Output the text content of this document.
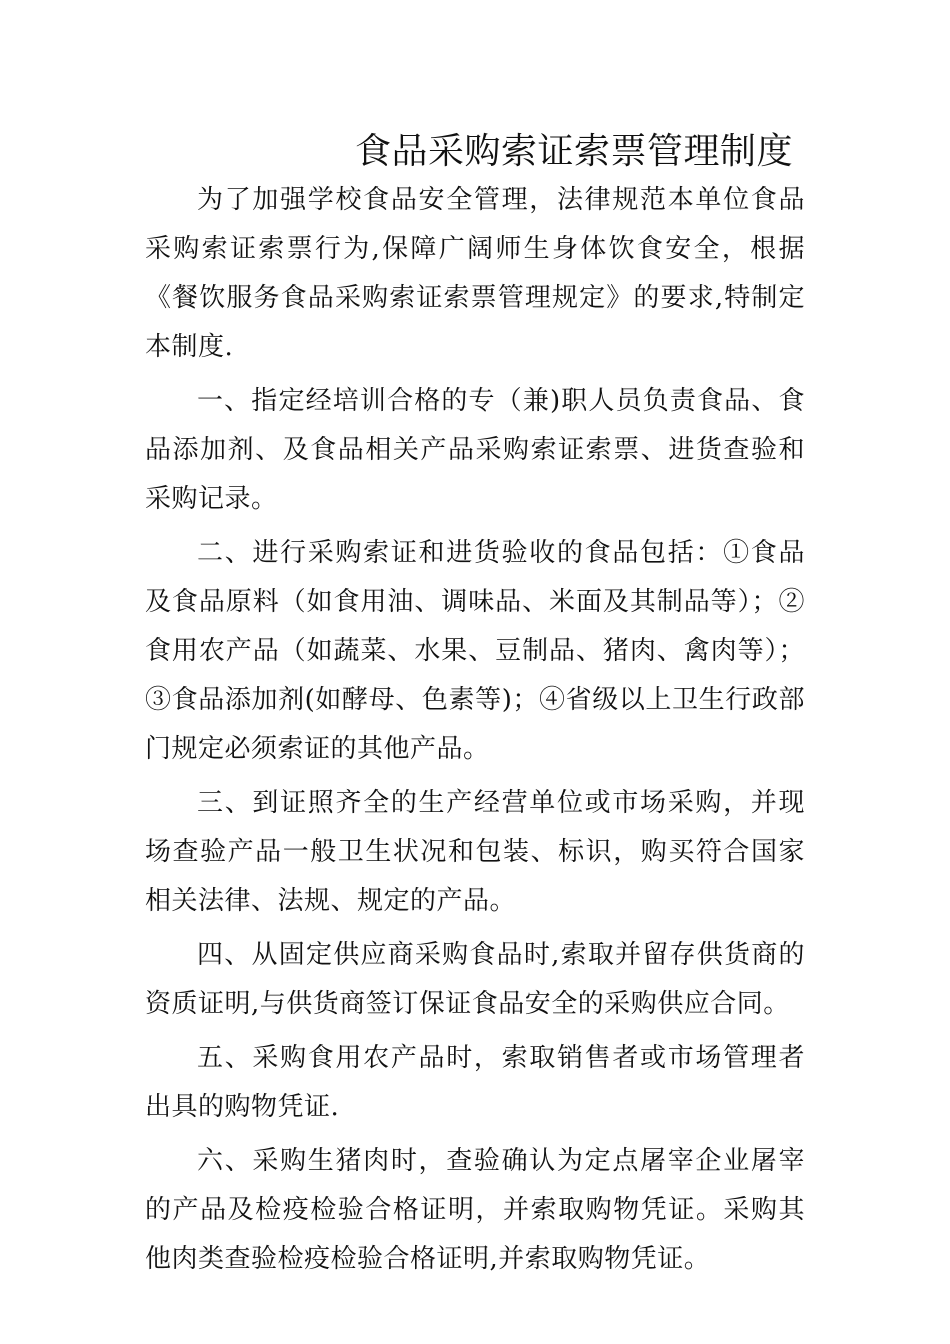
食品采购索证索票管理制度

为了加强学校食品安全管理，法律规范本单位食品采购索证索票行为,保障广阔师生身体饮食安全，根据《餐饮服务食品采购索证索票管理规定》的要求,特制定本制度.

一、指定经培训合格的专（兼)职人员负责食品、食品添加剂、及食品相关产品采购索证索票、进货查验和采购记录。

二、进行采购索证和进货验收的食品包括：①食品及食品原料（如食用油、调味品、米面及其制品等）；②食用农产品（如蔬菜、水果、豆制品、猪肉、禽肉等）；③食品添加剂(如酵母、色素等)；④省级以上卫生行政部门规定必须索证的其他产品。

三、到证照齐全的生产经营单位或市场采购，并现场查验产品一般卫生状况和包装、标识，购买符合国家相关法律、法规、规定的产品。

四、从固定供应商采购食品时,索取并留存供货商的资质证明,与供货商签订保证食品安全的采购供应合同。

五、采购食用农产品时，索取销售者或市场管理者出具的购物凭证.

六、采购生猪肉时，查验确认为定点屠宰企业屠宰的产品及检疫检验合格证明，并索取购物凭证。采购其他肉类查验检疫检验合格证明,并索取购物凭证。
